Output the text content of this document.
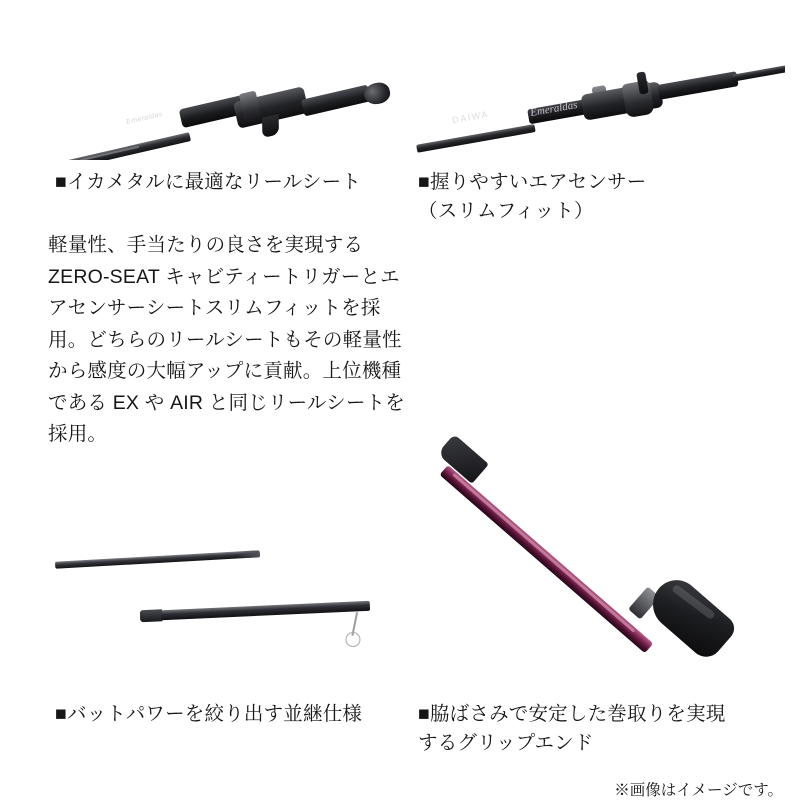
Emeraldas
■イカメタルに最適なリールシート
軽量性、手当たりの良さを実現するZERO-SEAT キャビティートリガーとエアセンサーシートスリムフィットを採用。どちらのリールシートもその軽量性から感度の大幅アップに貢献。上位機種である EX や AIR と同じリールシートを採用。
DAIWA	Emeraldas
■握りやすいエアセンサー
（スリムフィット）
■バットパワーを絞り出す並継仕様	■脇ばさみで安定した巻取りを実現
するグリップエンド
※画像はイメージです。
